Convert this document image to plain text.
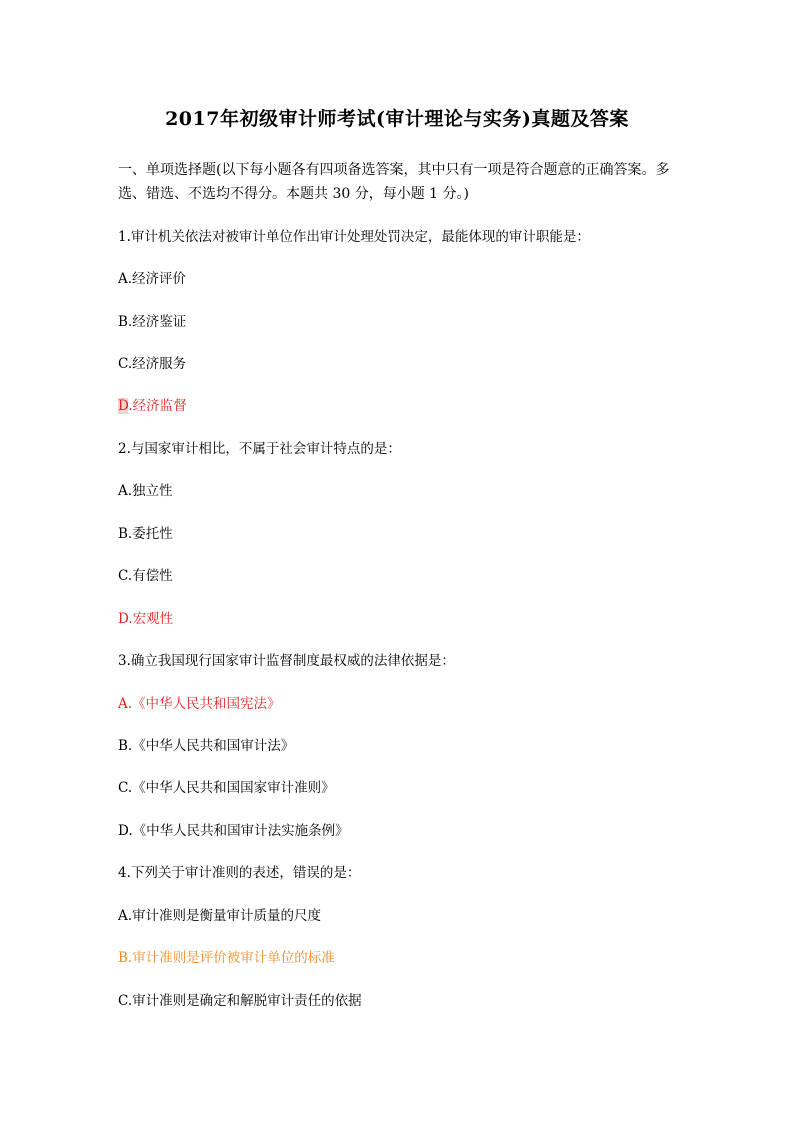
2017年初级审计师考试(审计理论与实务)真题及答案
一、单项选择题(以下每小题各有四项备选答案，其中只有一项是符合题意的正确答案。多选、错选、不选均不得分。本题共 30 分，每小题 1 分。)
1.审计机关依法对被审计单位作出审计处理处罚决定，最能体现的审计职能是：
A.经济评价
B.经济鉴证
C.经济服务
D.经济监督
2.与国家审计相比，不属于社会审计特点的是：
A.独立性
B.委托性
C.有偿性
D.宏观性
3.确立我国现行国家审计监督制度最权威的法律依据是：
A.《中华人民共和国宪法》
B.《中华人民共和国审计法》
C.《中华人民共和国国家审计准则》
D.《中华人民共和国审计法实施条例》
4.下列关于审计准则的表述，错误的是：
A.审计准则是衡量审计质量的尺度
B.审计准则是评价被审计单位的标准
C.审计准则是确定和解脱审计责任的依据
